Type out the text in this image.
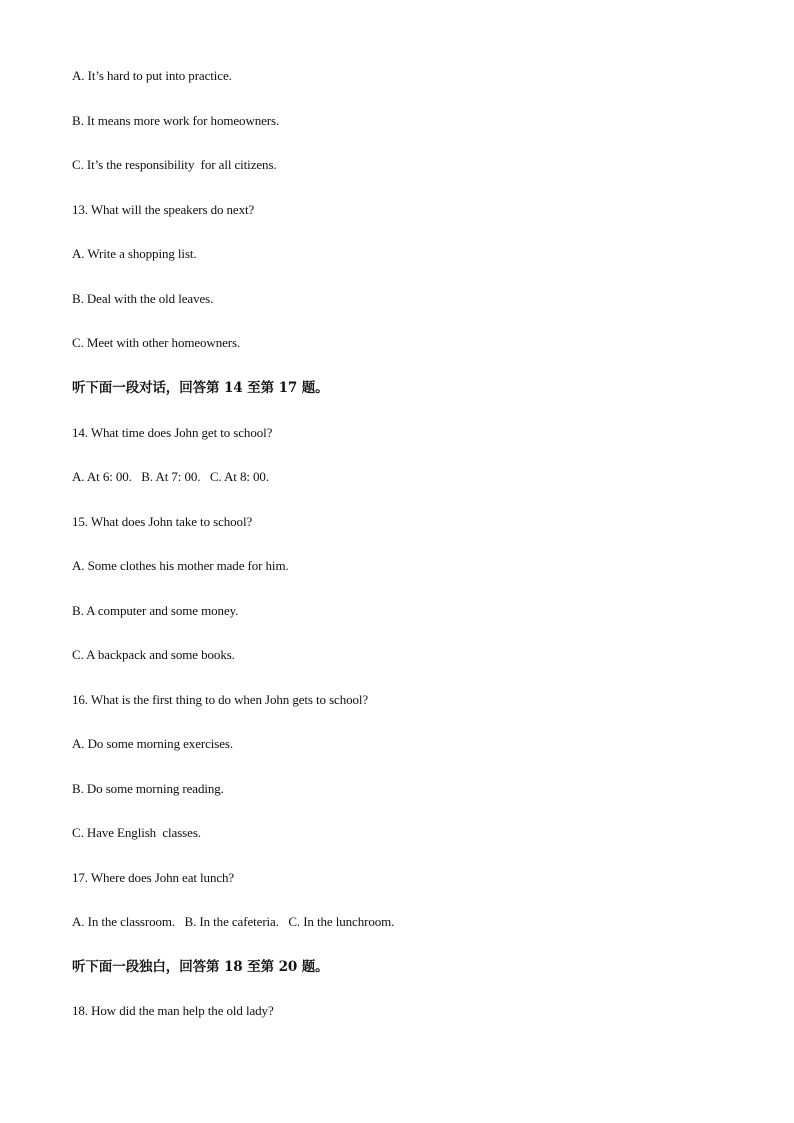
A. It’s hard to put into practice.
B. It means more work for homeowners.
C. It’s the responsibility  for all citizens.
13. What will the speakers do next?
A. Write a shopping list.
B. Deal with the old leaves.
C. Meet with other homeowners.
听下面一段对话，回答第 14 至第 17 题。
14. What time does John get to school?
A. At 6: 00.   B. At 7: 00.   C. At 8: 00.
15. What does John take to school?
A. Some clothes his mother made for him.
B. A computer and some money.
C. A backpack and some books.
16. What is the first thing to do when John gets to school?
A. Do some morning exercises.
B. Do some morning reading.
C. Have English  classes.
17. Where does John eat lunch?
A. In the classroom.   B. In the cafeteria.   C. In the lunchroom.
听下面一段独白，回答第 18 至第 20 题。
18. How did the man help the old lady?
